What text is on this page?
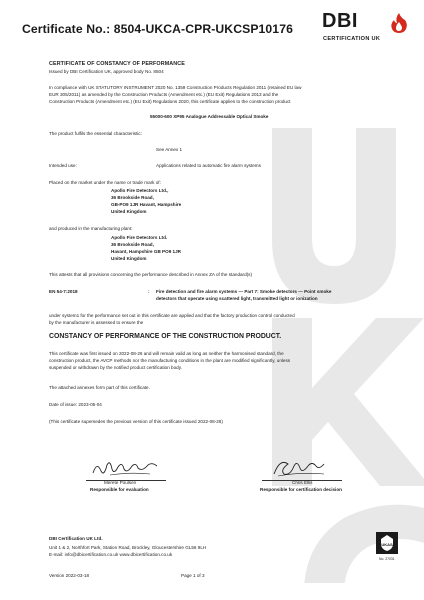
Certificate No.: 8504-UKCA-CPR-UKCSP10176 DBI
CERTIFICATION UK
CERTIFICATE OF CONSTANCY OF PERFORMANCE
Issued by DBI Certification UK, approved body No. 8504
In compliance with UK STATUTORY INSTRUMENT 2020 No. 1359 Construction Products Regulation 2011 (retained EU law
EUR 305/2011) as amended by the Construction Products (Amendment etc.) (EU Exit) Regulations 2013 and the
Construction Products (Amendment etc.) (EU Exit) Regulations 2020, this certificate applies to the construction product
55000-600 XP95 Analogue Addressable Optical Smoke
The product fulfils the essential characteristic:
See Annex 1
Intended use:	Applications related to automatic fire alarm systems
Placed on the market under the name or trade mark of:
Apollo Fire Detectors Ltd.,
36 Brookside Road,
GB-PO9 1JR Havant, Hampshire
United Kingdom
and produced in the manufacturing plant:
Apollo Fire Detectors Ltd.
36 Brookside Road,
Havant, Hampshire GB PO9 1JR
United Kingdom
This attests that all provisions concerning the performance described in Annex ZA of the standard(s)
EN 54-7:2018	: Fire detection and fire alarm systems — Part 7: Smoke detectors — Point smoke
detectors that operate using scattered light, transmitted light or ionization
under system1 for the performance set out in this certificate are applied and that the factory production control conducted
by the manufacturer is assessed to ensure the
CONSTANCY OF PERFORMANCE OF THE CONSTRUCTION PRODUCT.
This certificate was first issued on 2022-08-26 and will remain valid as long as neither the harmonised standard, the
construction product, the AVCP methods nor the manufacturing conditions in the plant are modified significantly, unless
suspended or withdrawn by the notified product certification body.
The attached annexes form part of this certificate.
Date of issue: 2023-05-04
(This certificate supersedes the previous version of this certificate issued 2022-08-26)
Merete Poulsen
Responsible for evaluation
Chris Ellis
Responsible for certification decision
DBI Certification UK Ltd.
Unit 1 & 2, Northfort Park, Station Road, Brockley, Gloucestershire GL56 9LH
E-mail: info@dbicertification.co.uk www.dbicertification.co.uk
Version 2022-03-18	Page 1 of 3
UKAS
No. 27031
